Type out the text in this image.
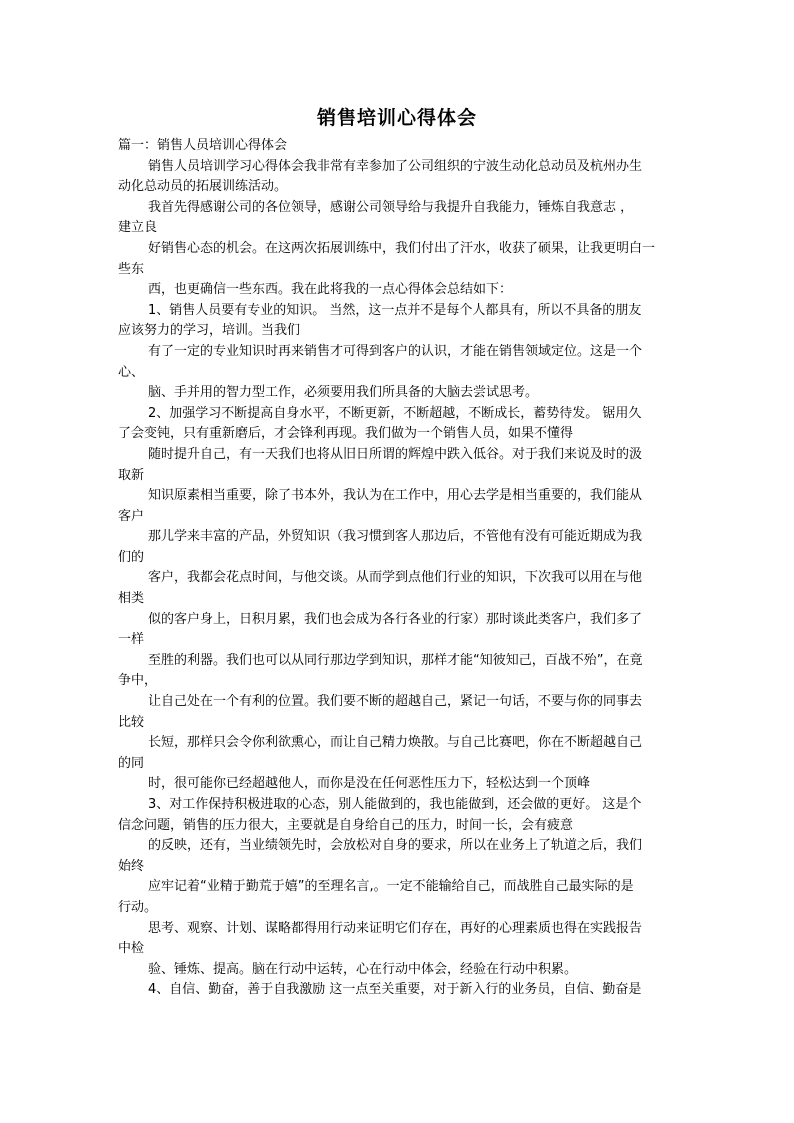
销售培训心得体会
篇一：销售人员培训心得体会
销售人员培训学习心得体会我非常有幸参加了公司组织的宁波生动化总动员及杭州办生
动化总动员的拓展训练活动。
我首先得感谢公司的各位领导，感谢公司领导给与我提升自我能力，锤炼自我意志 ，
建立良
好销售心态的机会。在这两次拓展训练中，我们付出了汗水，收获了硕果，让我更明白一
些东
西，也更确信一些东西。我在此将我的一点心得体会总结如下：
1、销售人员要有专业的知识。 当然，这一点并不是每个人都具有，所以不具备的朋友
应该努力的学习，培训。当我们
有了一定的专业知识时再来销售才可得到客户的认识，才能在销售领域定位。这是一个
心、
脑、手并用的智力型工作，必须要用我们所具备的大脑去尝试思考。
2、加强学习不断提高自身水平，不断更新，不断超越，不断成长，蓄势待发。 锯用久
了会变钝，只有重新磨后，才会锋利再现。我们做为一个销售人员，如果不懂得
随时提升自己，有一天我们也将从旧日所谓的辉煌中跌入低谷。对于我们来说及时的汲
取新
知识原素相当重要，除了书本外，我认为在工作中，用心去学是相当重要的，我们能从
客户
那儿学来丰富的产品，外贸知识（我习惯到客人那边后，不管他有没有可能近期成为我
们的
客户，我都会花点时间，与他交谈。从而学到点他们行业的知识，下次我可以用在与他
相类
似的客户身上，日积月累，我们也会成为各行各业的行家）那时谈此类客户，我们多了
一样
至胜的利器。我们也可以从同行那边学到知识，那样才能“知彼知己，百战不殆”，在竟
争中，
让自己处在一个有利的位置。我们要不断的超越自己，紧记一句话，不要与你的同事去
比较
长短，那样只会令你利欲熏心，而让自己精力焕散。与自己比赛吧，你在不断超越自己
的同
时，很可能你已经超越他人，而你是没在任何恶性压力下，轻松达到一个顶峰
3、对工作保持积极进取的心态，别人能做到的，我也能做到，还会做的更好。 这是个
信念问题，销售的压力很大，主要就是自身给自己的压力，时间一长，会有疲意
的反映，还有，当业绩领先时，会放松对自身的要求，所以在业务上了轨道之后，我们
始终
应牢记着“业精于勤荒于嬉”的至理名言,。一定不能输给自己，而战胜自己最实际的是
行动。
思考、观察、计划、谋略都得用行动来证明它们存在，再好的心理素质也得在实践报告
中检
验、锤炼、提高。脑在行动中运转，心在行动中体会，经验在行动中积累。
4、自信、勤奋，善于自我激励 这一点至关重要，对于新入行的业务员，自信、勤奋是
